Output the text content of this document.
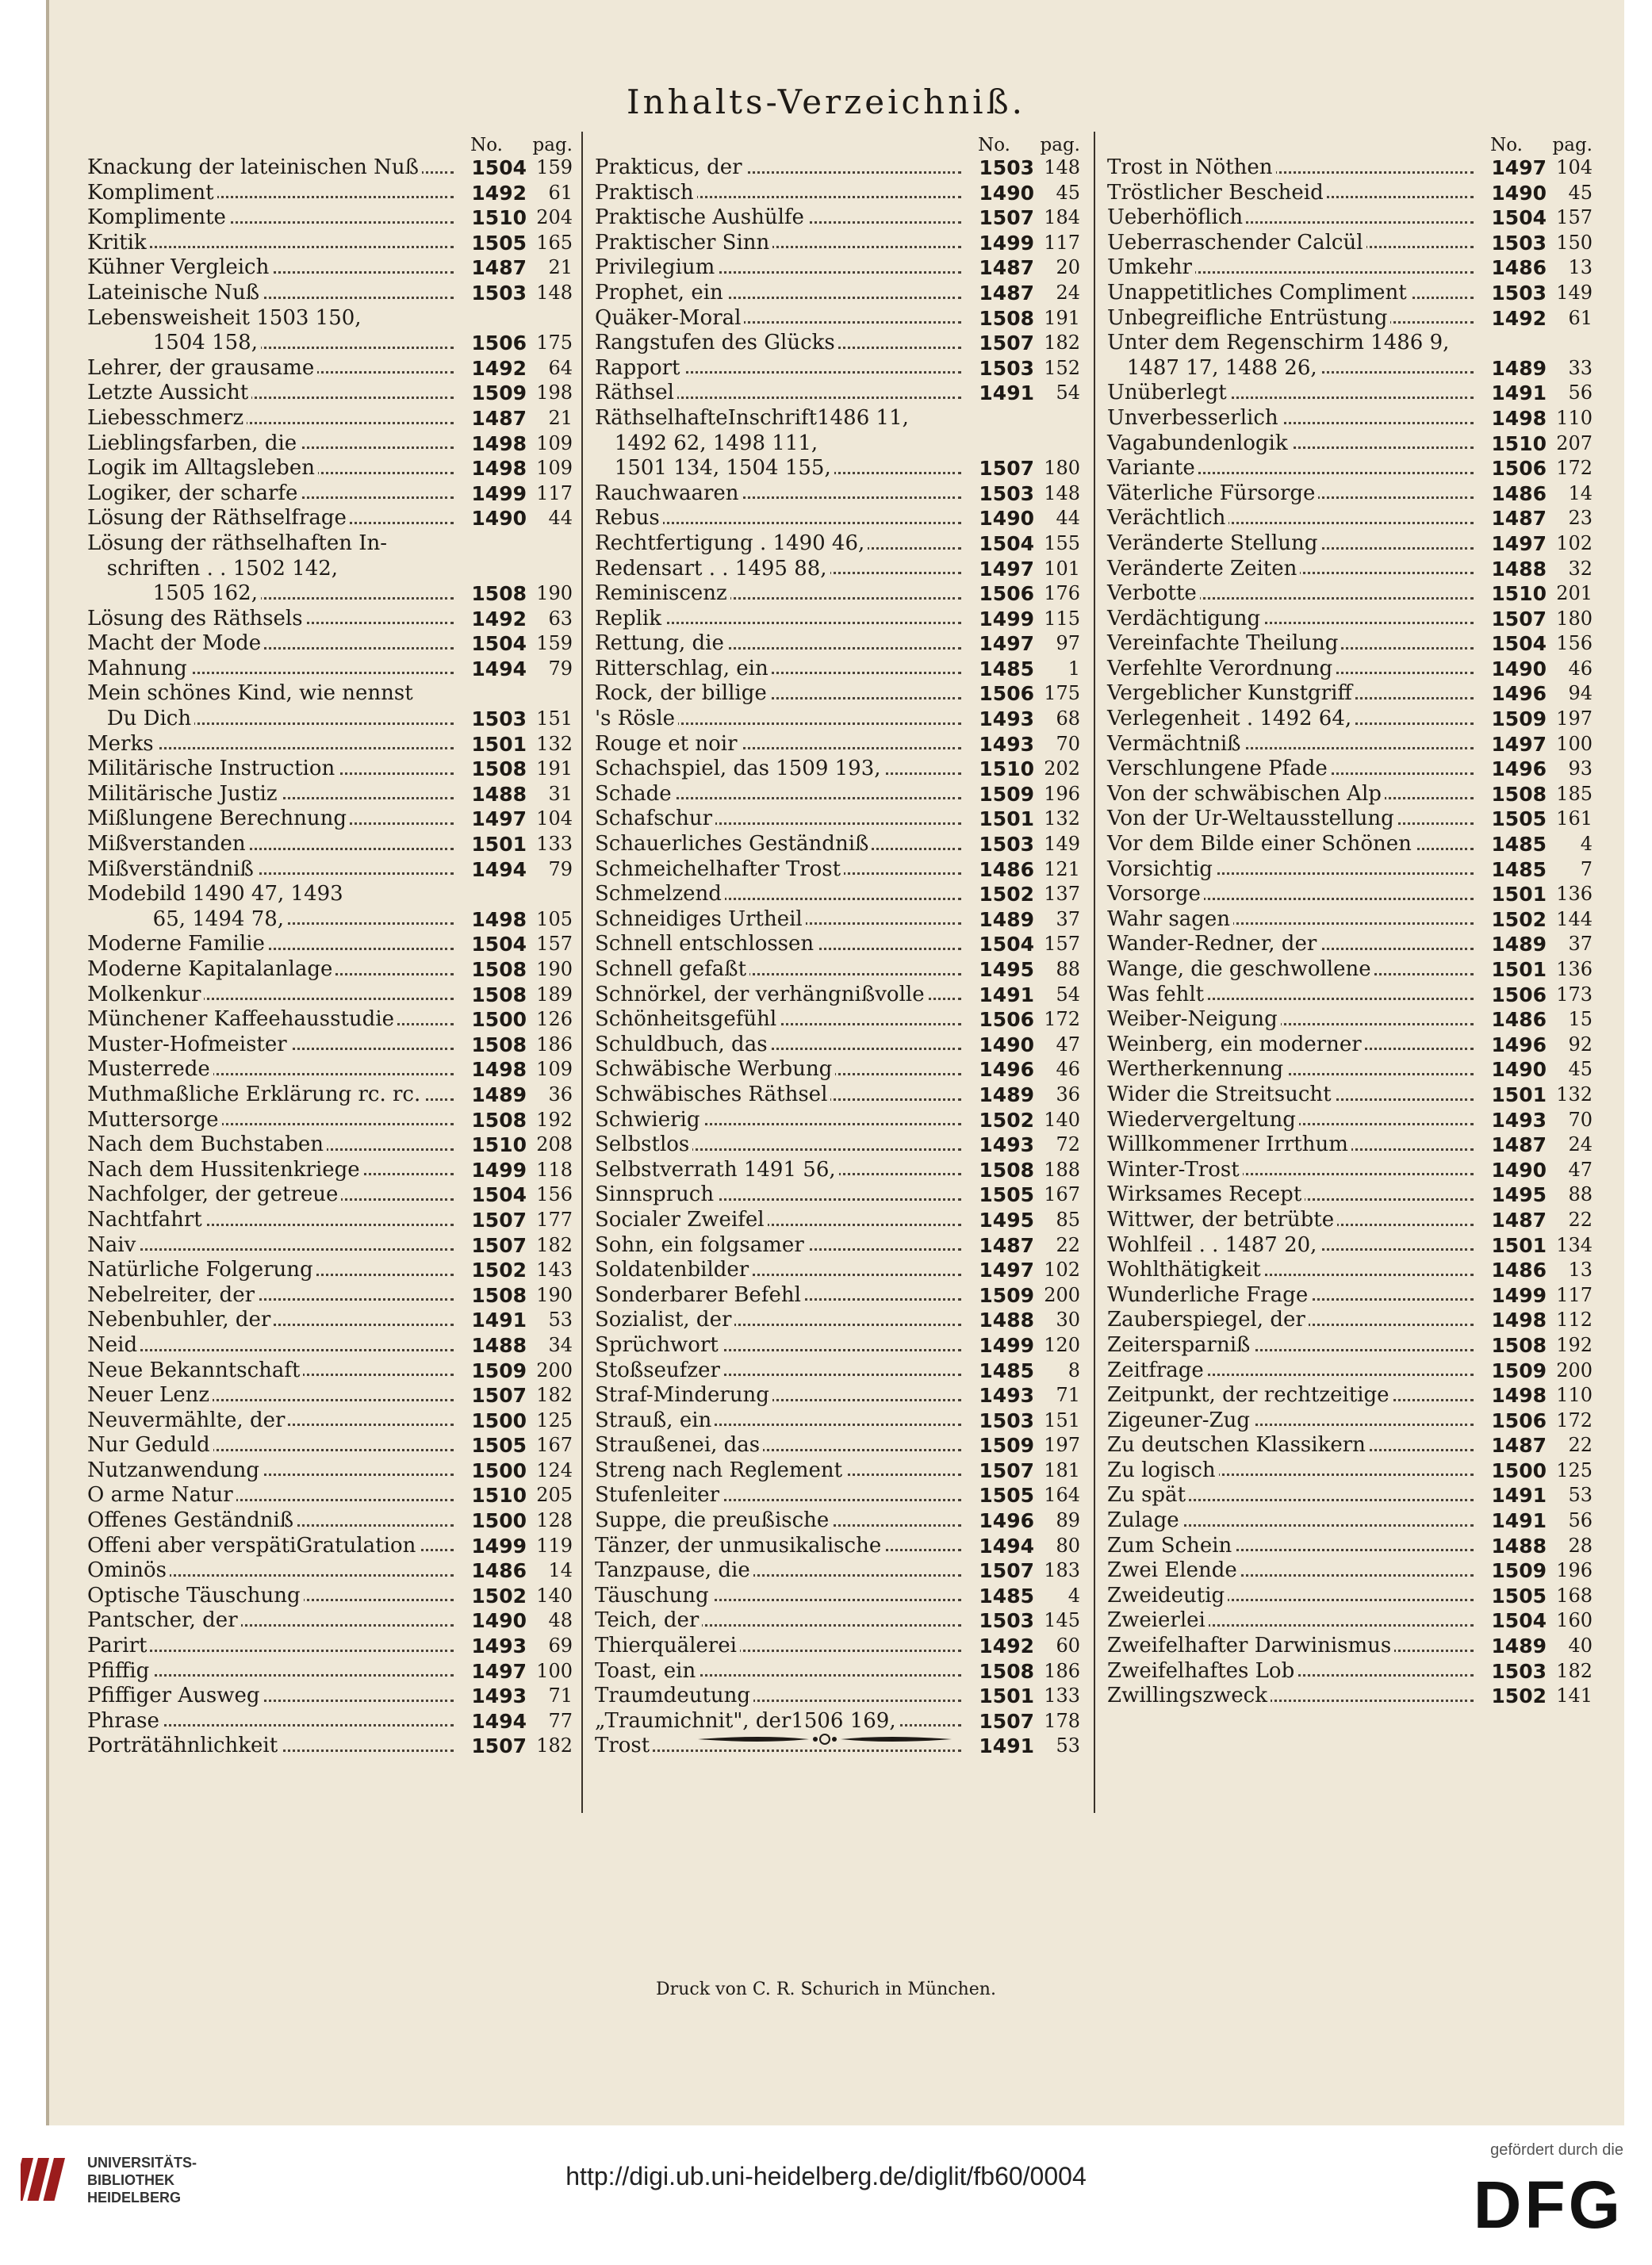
Inhalts-Verzeichniß.
No. pag.
Knackung der lateinischen Nuß	1504 159
Kompliment	1492	61
Komplimente	1510 204
Kritik	1505 165
Kühner Vergleich	1487	21
Lateinische Nuß	1503 148
Lebensweisheit 1503 150,
1504 158,	1506 175
Lehrer, der grausame	1492	64
Letzte Aussicht	1509 198
Liebesschmerz	1487	21
Lieblingsfarben, die	1498 109
Logik im Alltagsleben	1498 109
Logiker, der scharfe	1499 117
Lösung der Räthselfrage	1490	44
Lösung der räthselhaften In-
schriften . . 1502 142,
1505 162,	1508 190
Lösung des Räthsels	1492	63
Macht der Mode	1504 159
Mahnung	1494	79
Mein schönes Kind, wie nennst
Du Dich	1503 151
Merks	1501 132
Militärische Instruction	1508 191
Militärische Justiz	1488	31
Mißlungene Berechnung	1497 104
Mißverstanden	1501 133
Mißverständniß	1494	79
Modebild 1490 47, 1493
65, 1494 78,	1498 105
Moderne Familie	1504 157
Moderne Kapitalanlage	1508 190
Molkenkur	1508 189
Münchener Kaffeehausstudie	1500 126
Muster-Hofmeister	1508 186
Musterrede	1498 109
Muthmaßliche Erklärung rc. rc.	1489	36
Muttersorge	1508 192
Nach dem Buchstaben	1510 208
Nach dem Hussitenkriege	1499 118
Nachfolger, der getreue	1504 156
Nachtfahrt	1507 177
Naiv	1507 182
Natürliche Folgerung	1502 143
Nebelreiter, der	1508 190
Nebenbuhler, der	1491	53
Neid	1488	34
Neue Bekanntschaft	1509 200
Neuer Lenz	1507 182
Neuvermählte, der	1500 125
Nur Geduld	1505 167
Nutzanwendung	1500 124
O arme Natur	1510 205
Offenes Geständniß	1500 128
Offeni aber verspätiGratulation	1499 119
Ominös	1486	14
Optische Täuschung	1502 140
Pantscher, der	1490	48
Parirt	1493	69
Pfiffig	1497 100
Pfiffiger Ausweg	1493	71
Phrase	1494	77
Porträtähnlichkeit	1507 182
No. pag.
Prakticus, der	1503 148
Praktisch	1490	45
Praktische Aushülfe	1507 184
Praktischer Sinn	1499 117
Privilegium	1487	20
Prophet, ein	1487	24
Quäker-Moral	1508 191
Rangstufen des Glücks	1507 182
Rapport	1503 152
Räthsel	1491	54
RäthselhafteInschrift1486 11,
1492 62, 1498 111,
1501 134, 1504 155,	1507 180
Rauchwaaren	1503 148
Rebus	1490	44
Rechtfertigung . 1490 46,	1504 155
Redensart . . 1495 88,	1497 101
Reminiscenz	1506 176
Replik	1499 115
Rettung, die	1497	97
Ritterschlag, ein	1485	1
Rock, der billige	1506 175
's Rösle	1493	68
Rouge et noir	1493	70
Schachspiel, das 1509 193,	1510 202
Schade	1509 196
Schafschur	1501 132
Schauerliches Geständniß	1503 149
Schmeichelhafter Trost	1486 121
Schmelzend	1502 137
Schneidiges Urtheil	1489	37
Schnell entschlossen	1504 157
Schnell gefaßt	1495	88
Schnörkel, der verhängnißvolle	1491	54
Schönheitsgefühl	1506 172
Schuldbuch, das	1490	47
Schwäbische Werbung	1496	46
Schwäbisches Räthsel	1489	36
Schwierig	1502 140
Selbstlos	1493	72
Selbstverrath 1491 56,	1508 188
Sinnspruch	1505 167
Socialer Zweifel	1495	85
Sohn, ein folgsamer	1487	22
Soldatenbilder	1497 102
Sonderbarer Befehl	1509 200
Sozialist, der	1488	30
Sprüchwort	1499 120
Stoßseufzer	1485	8
Straf-Minderung	1493	71
Strauß, ein	1503 151
Straußenei, das	1509 197
Streng nach Reglement	1507 181
Stufenleiter	1505 164
Suppe, die preußische	1496	89
Tänzer, der unmusikalische	1494	80
Tanzpause, die	1507 183
Täuschung	1485	4
Teich, der	1503 145
Thierquälerei	1492	60
Toast, ein	1508 186
Traumdeutung	1501 133
„Traumichnit", der1506 169,	1507 178
Trost	1491	53
No. pag.
Trost in Nöthen	1497 104
Tröstlicher Bescheid	1490	45
Ueberhöflich	1504 157
Ueberraschender Calcül	1503 150
Umkehr	1486	13
Unappetitliches Compliment	1503 149
Unbegreifliche Entrüstung	1492	61
Unter dem Regenschirm 1486 9,
1487 17, 1488 26,	1489	33
Unüberlegt	1491	56
Unverbesserlich	1498 110
Vagabundenlogik	1510 207
Variante	1506 172
Väterliche Fürsorge	1486	14
Verächtlich	1487	23
Veränderte Stellung	1497 102
Veränderte Zeiten	1488	32
Verbotte	1510 201
Verdächtigung	1507 180
Vereinfachte Theilung	1504 156
Verfehlte Verordnung	1490	46
Vergeblicher Kunstgriff	1496	94
Verlegenheit . 1492 64,	1509 197
Vermächtniß	1497 100
Verschlungene Pfade	1496	93
Von der schwäbischen Alp	1508 185
Von der Ur-Weltausstellung	1505 161
Vor dem Bilde einer Schönen	1485	4
Vorsichtig	1485	7
Vorsorge	1501 136
Wahr sagen	1502 144
Wander-Redner, der	1489	37
Wange, die geschwollene	1501 136
Was fehlt	1506 173
Weiber-Neigung	1486	15
Weinberg, ein moderner	1496	92
Wertherkennung	1490	45
Wider die Streitsucht	1501 132
Wiedervergeltung	1493	70
Willkommener Irrthum	1487	24
Winter-Trost	1490	47
Wirksames Recept	1495	88
Wittwer, der betrübte	1487	22
Wohlfeil . . 1487 20,	1501 134
Wohlthätigkeit	1486	13
Wunderliche Frage	1499 117
Zauberspiegel, der	1498 112
Zeitersparniß	1508 192
Zeitfrage	1509 200
Zeitpunkt, der rechtzeitige	1498 110
Zigeuner-Zug	1506 172
Zu deutschen Klassikern	1487	22
Zu logisch	1500 125
Zu spät	1491	53
Zulage	1491	56
Zum Schein	1488	28
Zwei Elende	1509 196
Zweideutig	1505 168
Zweierlei	1504 160
Zweifelhafter Darwinismus	1489	40
Zweifelhaftes Lob	1503 182
Zwillingszweck	1502 141
Druck von C. R. Schurich in München.
UNIVERSITÄTS-
BIBLIOTHEK
HEIDELBERG
http://digi.ub.uni-heidelberg.de/diglit/fb60/0004
gefördert durch die
DFG
